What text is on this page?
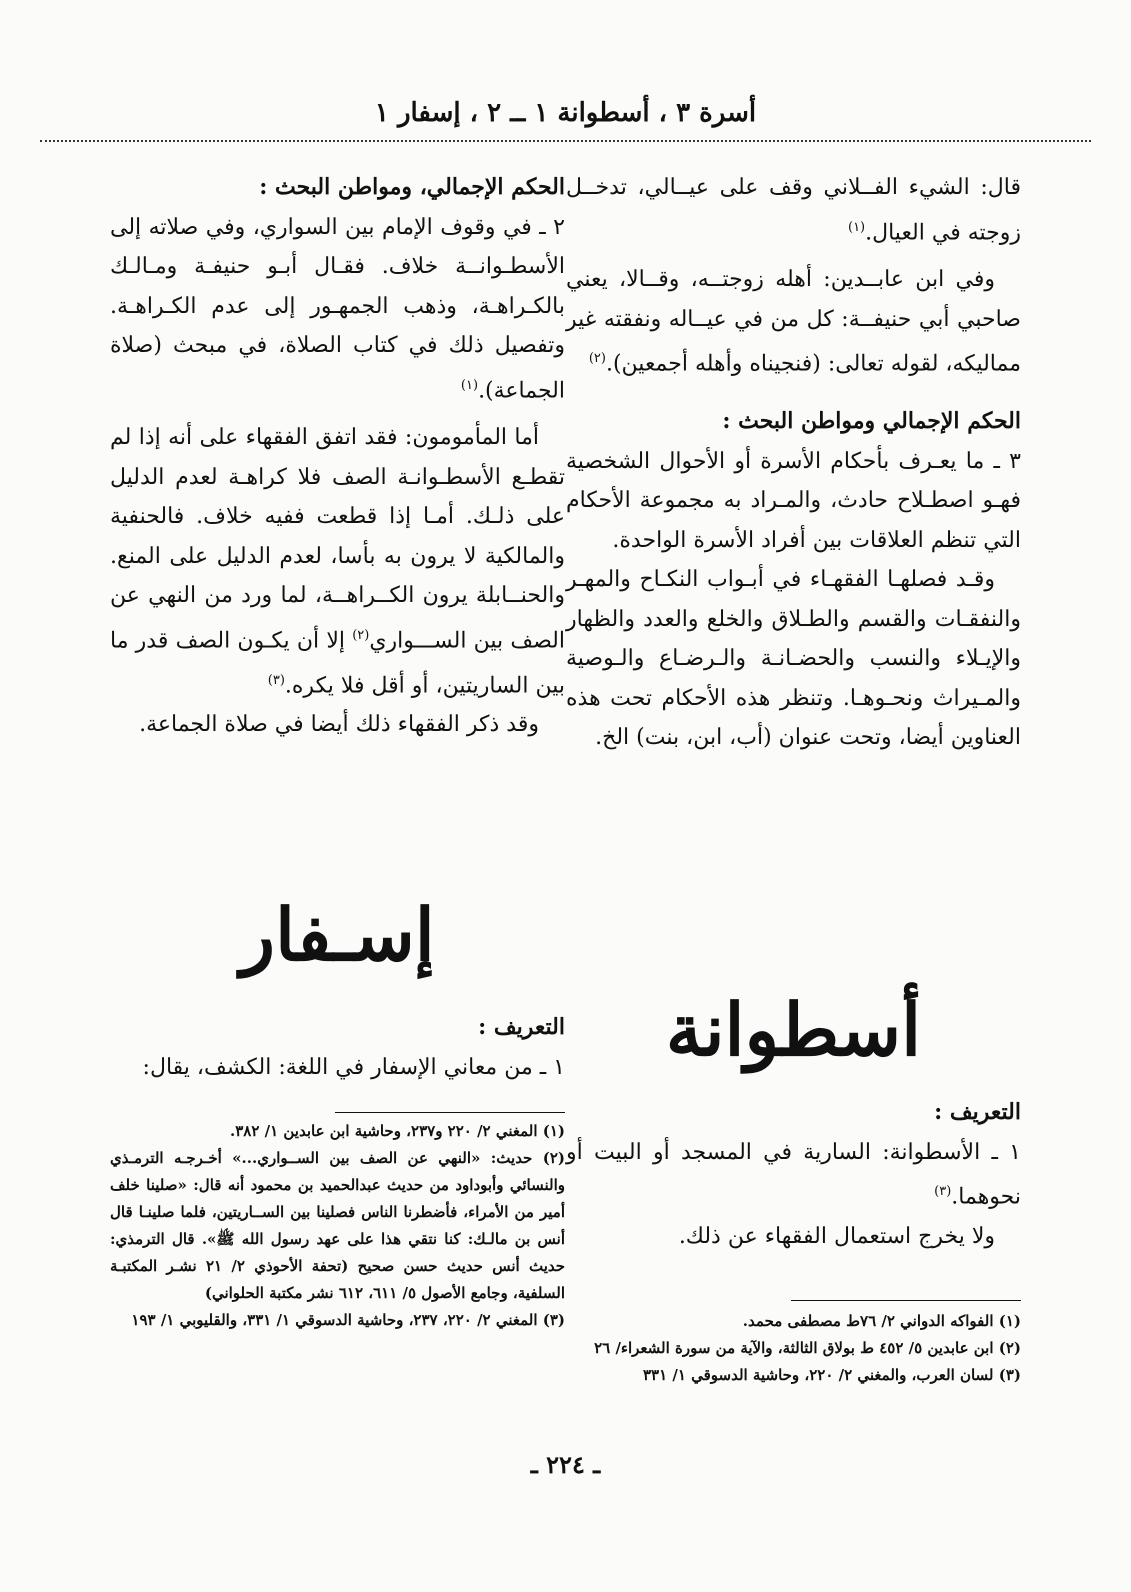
أسرة ٣ ، أسطوانة ١ ــ ٢ ، إسفار ١

قال: الشيء الفــلاني وقف على عيــالي، تدخــل زوجته في العيال.$^{(١)}$

وفي ابن عابــدين: أهله زوجتــه، وقــالا، يعني صاحبي أبي حنيفــة: كل من في عيــاله ونفقته غير مماليكه، لقوله تعالى: (فنجيناه وأهله أجمعين).$^{(٢)}$

الحكم الإجمالي ومواطن البحث :

٣ ـ ما يعـرف بأحكام الأسرة أو الأحوال الشخصية فهـو اصطـلاح حادث، والمـراد به مجموعة الأحكام التي تنظم العلاقات بين أفراد الأسرة الواحدة.

وقـد فصلهـا الفقهـاء في أبـواب النكـاح والمهـر والنفقـات والقسم والطـلاق والخلع والعدد والظهار والإيـلاء والنسب والحضـانـة والـرضـاع والـوصية والمـيراث ونحـوهـا. وتنظر هذه الأحكام تحت هذه العناوين أيضا، وتحت عنوان (أب، ابن، بنت) الخ.

الحكم الإجمالي، ومواطن البحث :

٢ ـ في وقوف الإمام بين السواري، وفي صلاته إلى الأسطـوانــة خلاف. فقـال أبـو حنيفـة ومـالـك بالكـراهـة، وذهب الجمهـور إلى عدم الكـراهـة. وتفصيل ذلك في كتاب الصلاة، في مبحث (صلاة الجماعة).$^{(١)}$

أما المأمومون: فقد اتفق الفقهاء على أنه إذا لم تقطـع الأسطـوانـة الصف فلا كراهـة لعدم الدليل على ذلـك. أمـا إذا قطعت ففيه خلاف. فالحنفية والمالكية لا يرون به بأسا، لعدم الدليل على المنع. والحنــابلة يرون الكــراهــة، لما ورد من النهي عن الصف بين الســـواري$^{(٢)}$ إلا أن يكـون الصف قدر ما بين الساريتين، أو أقل فلا يكره.$^{(٣)}$

وقد ذكر الفقهاء ذلك أيضا في صلاة الجماعة.

أسطوانة
إسـفار

التعريف :

١ ـ الأسطوانة: السارية في المسجد أو البيت أو نحوهما.$^{(٣)}$

ولا يخرج استعمال الفقهاء عن ذلك.

التعريف :

١ ـ من معاني الإسفار في اللغة: الكشف، يقال:

(١) الفواكه الدواني ٢/ ٧٦ط مصطفى محمد.

(٢) ابن عابدين ٥/ ٤٥٢ ط بولاق الثالثة، والآية من سورة الشعراء/ ٢٦

(٣) لسان العرب، والمغني ٢/ ٢٢٠، وحاشية الدسوقي ١/ ٣٣١

(١) المغني ٢/ ٢٢٠ و٢٣٧، وحاشية ابن عابدين ١/ ٣٨٢.

(٢) حديث: «النهي عن الصف بين الســواري...» أخـرجـه الترمـذي والنسائي وأبوداود من حديث عبدالحميد بن محمود أنه قال: «صلينا خلف أمير من الأمراء، فأضطرنا الناس فصلينا بين الســاريتين، فلما صلينـا قال أنس بن مالـك: كنا نتقي هذا على عهد رسول الله ﷺ». قال الترمذي: حديث أنس حديث حسن صحيح (تحفة الأحوذي ٢/ ٢١ نشـر المكتبـة السلفية، وجامع الأصول ٥/ ٦١١، ٦١٢ نشر مكتبة الحلواني)

(٣) المغني ٢/ ٢٢٠، ٢٣٧، وحاشية الدسوقي ١/ ٣٣١، والقليوبي ١/ ١٩٣

ـ ٢٢٤ ـ
